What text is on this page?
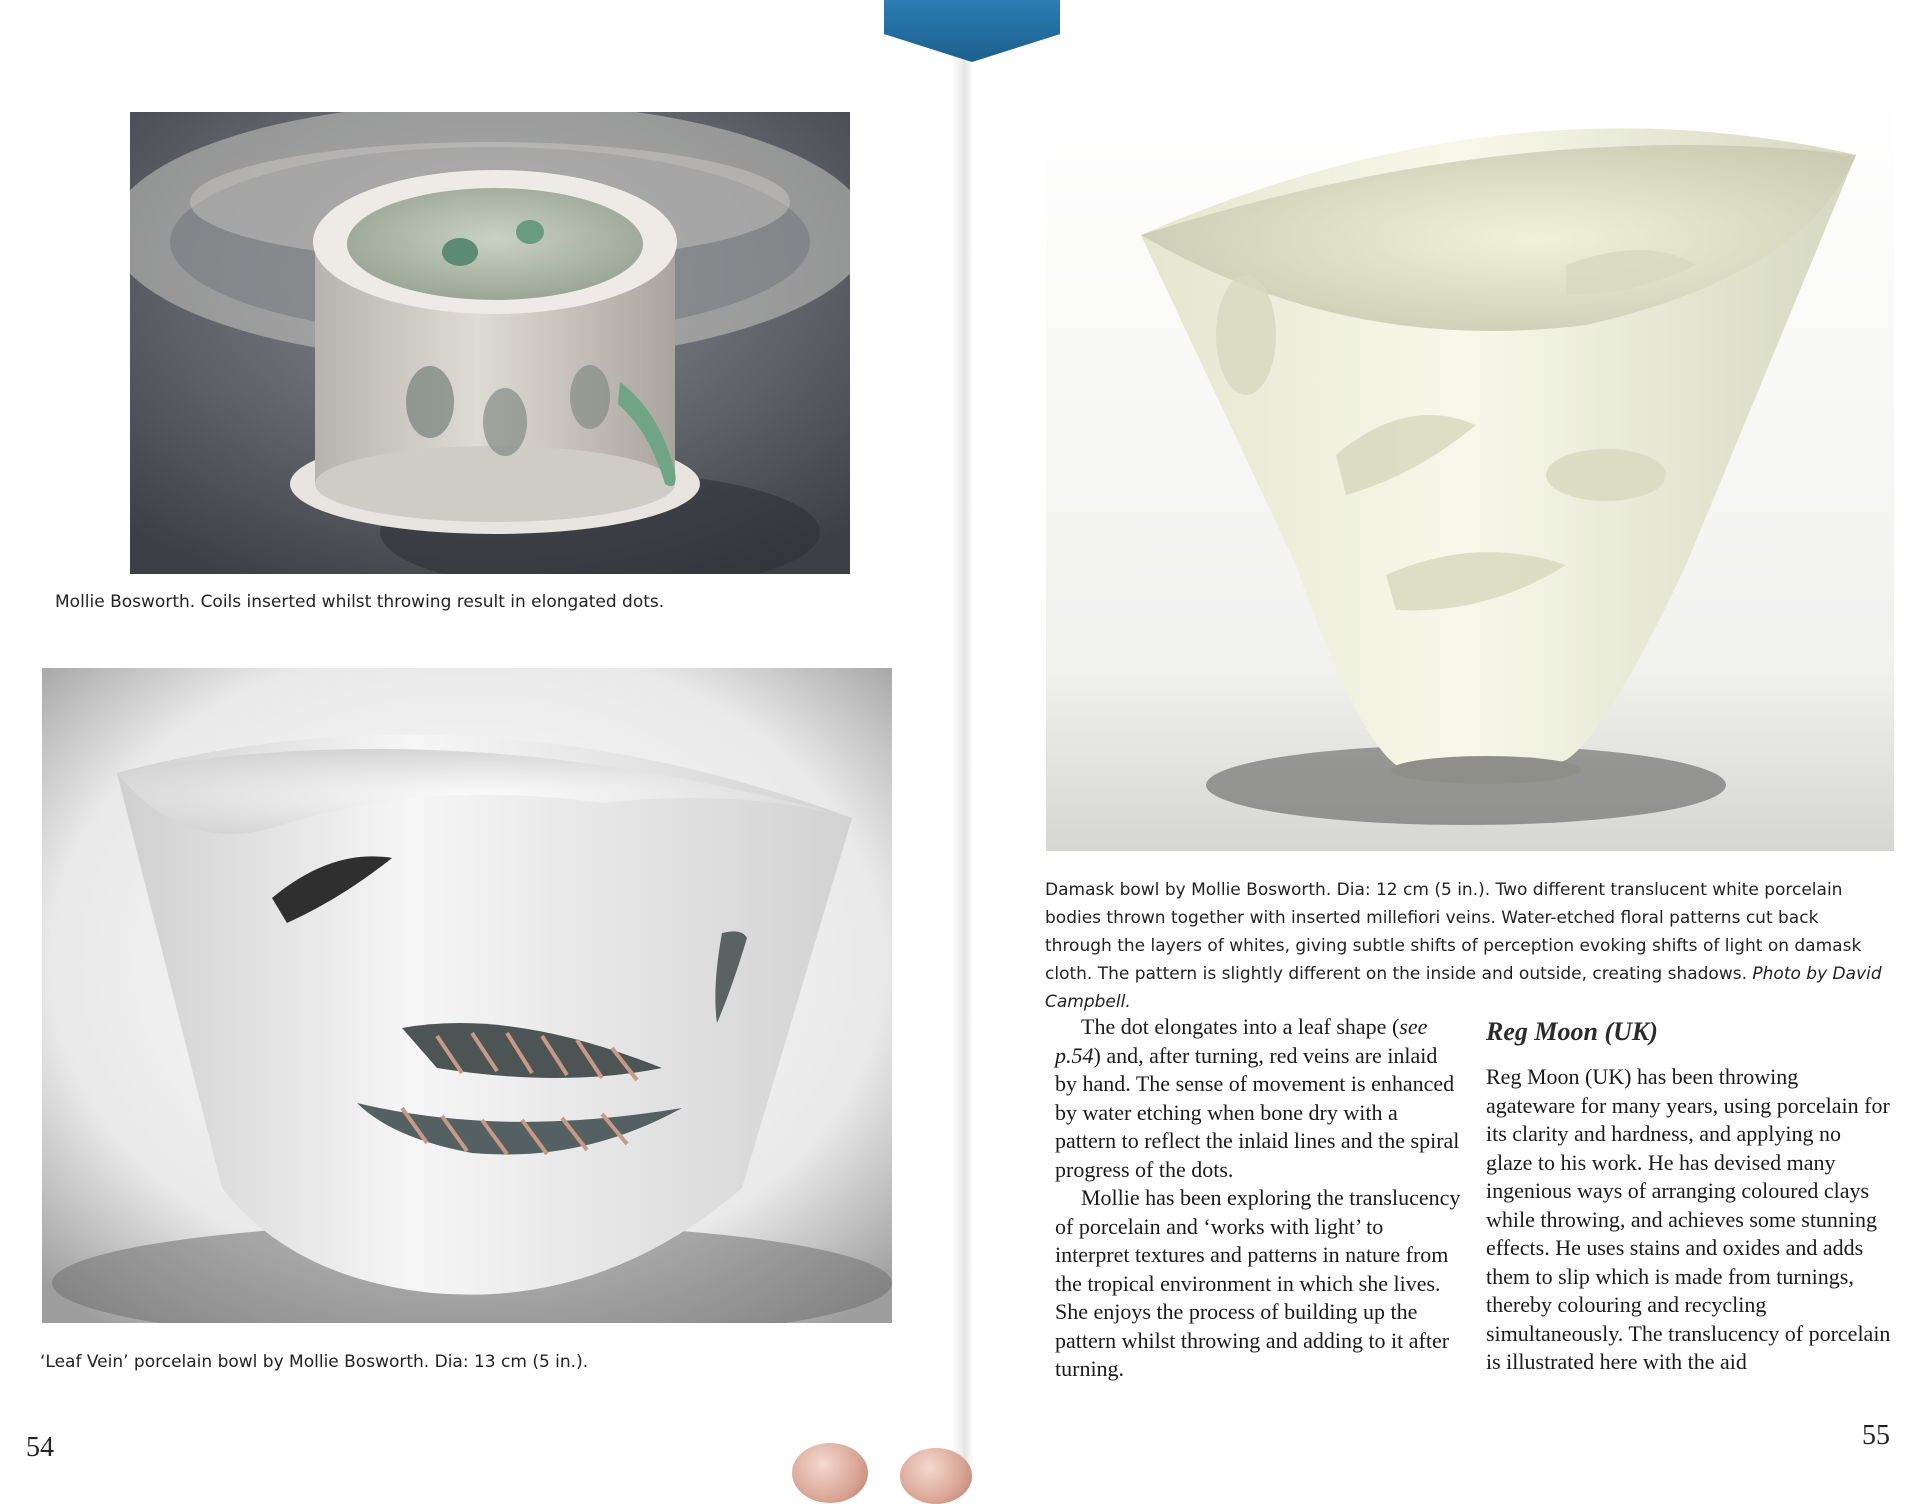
Mollie Bosworth. Coils inserted whilst throwing result in elongated dots.
‘Leaf Vein’ porcelain bowl by Mollie Bosworth. Dia: 13 cm (5 in.).
54
Damask bowl by Mollie Bosworth. Dia: 12 cm (5 in.). Two different translucent white porcelain bodies thrown together with inserted millefiori veins. Water-etched floral patterns cut back through the layers of whites, giving subtle shifts of perception evoking shifts of light on damask cloth. The pattern is slightly different on the inside and outside, creating shadows. Photo by David Campbell.

The dot elongates into a leaf shape (see p.54) and, after turning, red veins are inlaid by hand. The sense of movement is enhanced by water etching when bone dry with a pattern to reflect the inlaid lines and the spiral progress of the dots.

Mollie has been exploring the translucency of porcelain and ‘works with light’ to interpret textures and patterns in nature from the tropical environment in which she lives. She enjoys the process of building up the pattern whilst throwing and adding to it after turning.

Reg Moon (UK)

Reg Moon (UK) has been throwing agateware for many years, using porcelain for its clarity and hardness, and applying no glaze to his work. He has devised many ingenious ways of arranging coloured clays while throwing, and achieves some stunning effects. He uses stains and oxides and adds them to slip which is made from turnings, thereby colouring and recycling simultaneously. The translucency of porcelain is illustrated here with the aid

55
